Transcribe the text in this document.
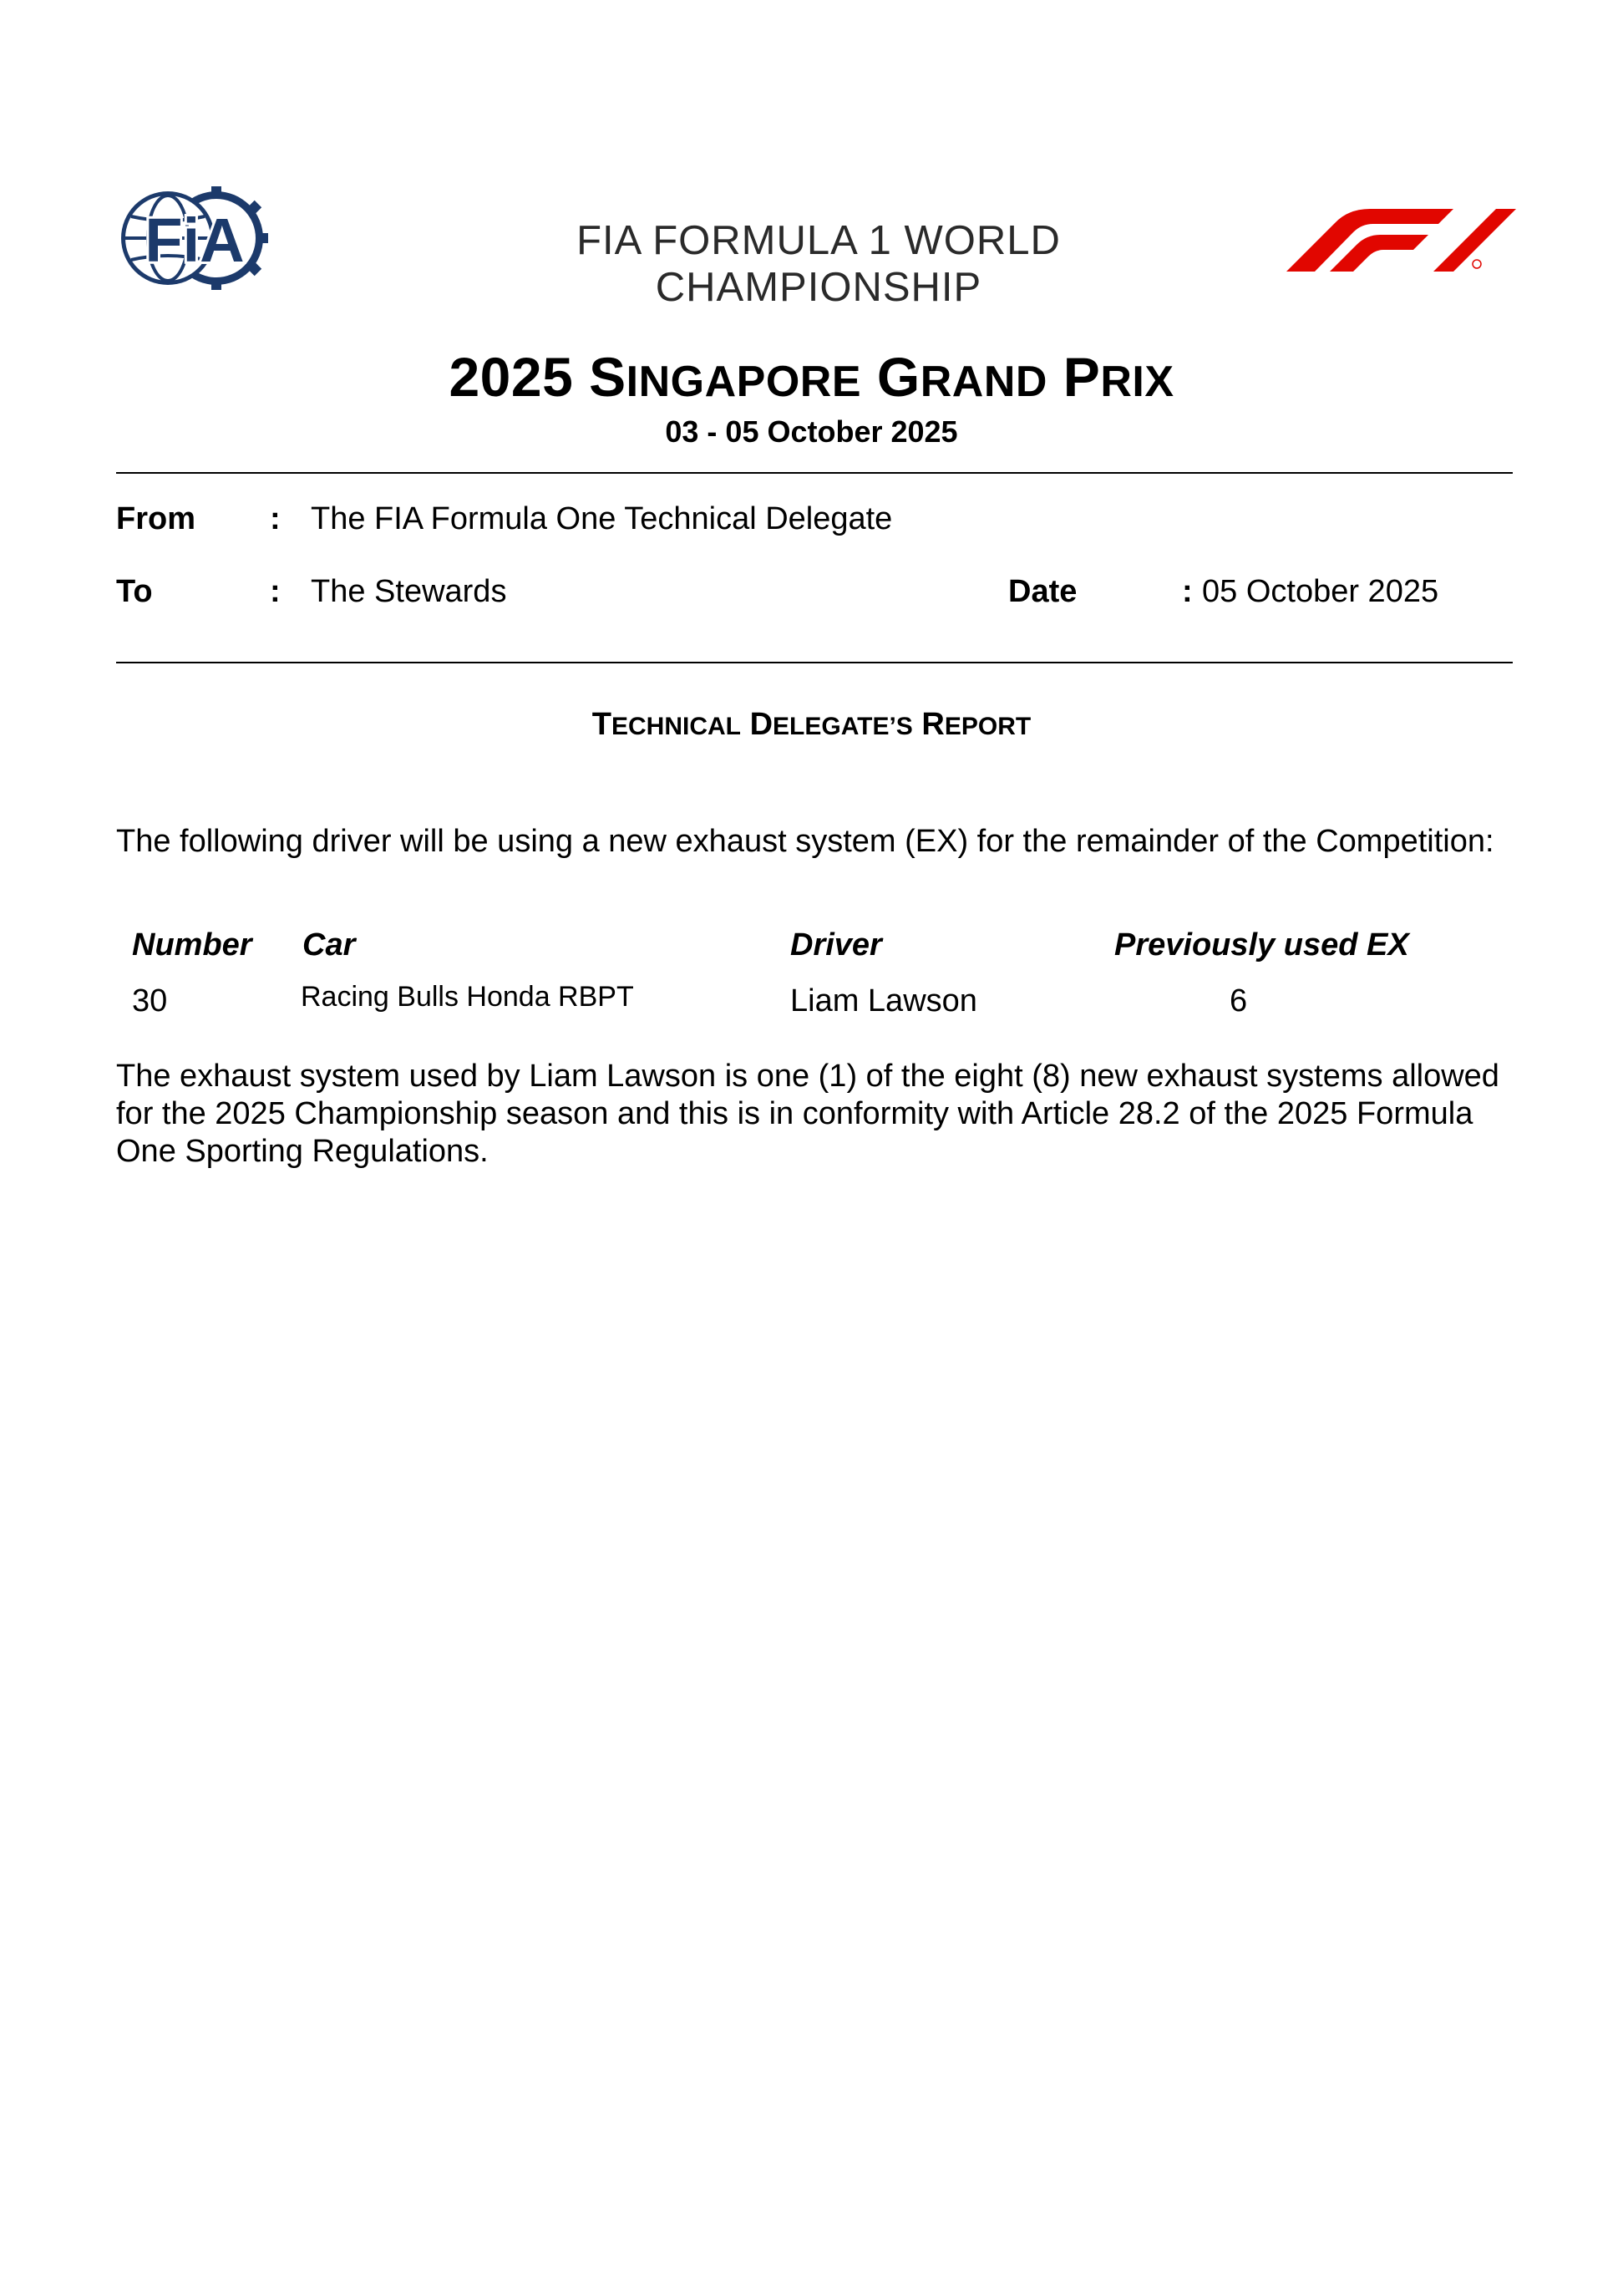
FiA	FIA FORMULA 1 WORLD CHAMPIONSHIP
2025 SINGAPORE GRAND PRIX
03 - 05 October 2025
From : The FIA Formula One Technical Delegate
To	: The Stewards	Date	: 05 October 2025
TECHNICAL DELEGATE’S REPORT
The following driver will be using a new exhaust system (EX) for the remainder of the Competition:
Number Car	Driver	Previously used EX
30	Racing Bulls Honda RBPT	Liam Lawson	6
The exhaust system used by Liam Lawson is one (1) of the eight (8) new exhaust systems allowed for the 2025 Championship season and this is in conformity with Article 28.2 of the 2025 Formula One Sporting Regulations.
